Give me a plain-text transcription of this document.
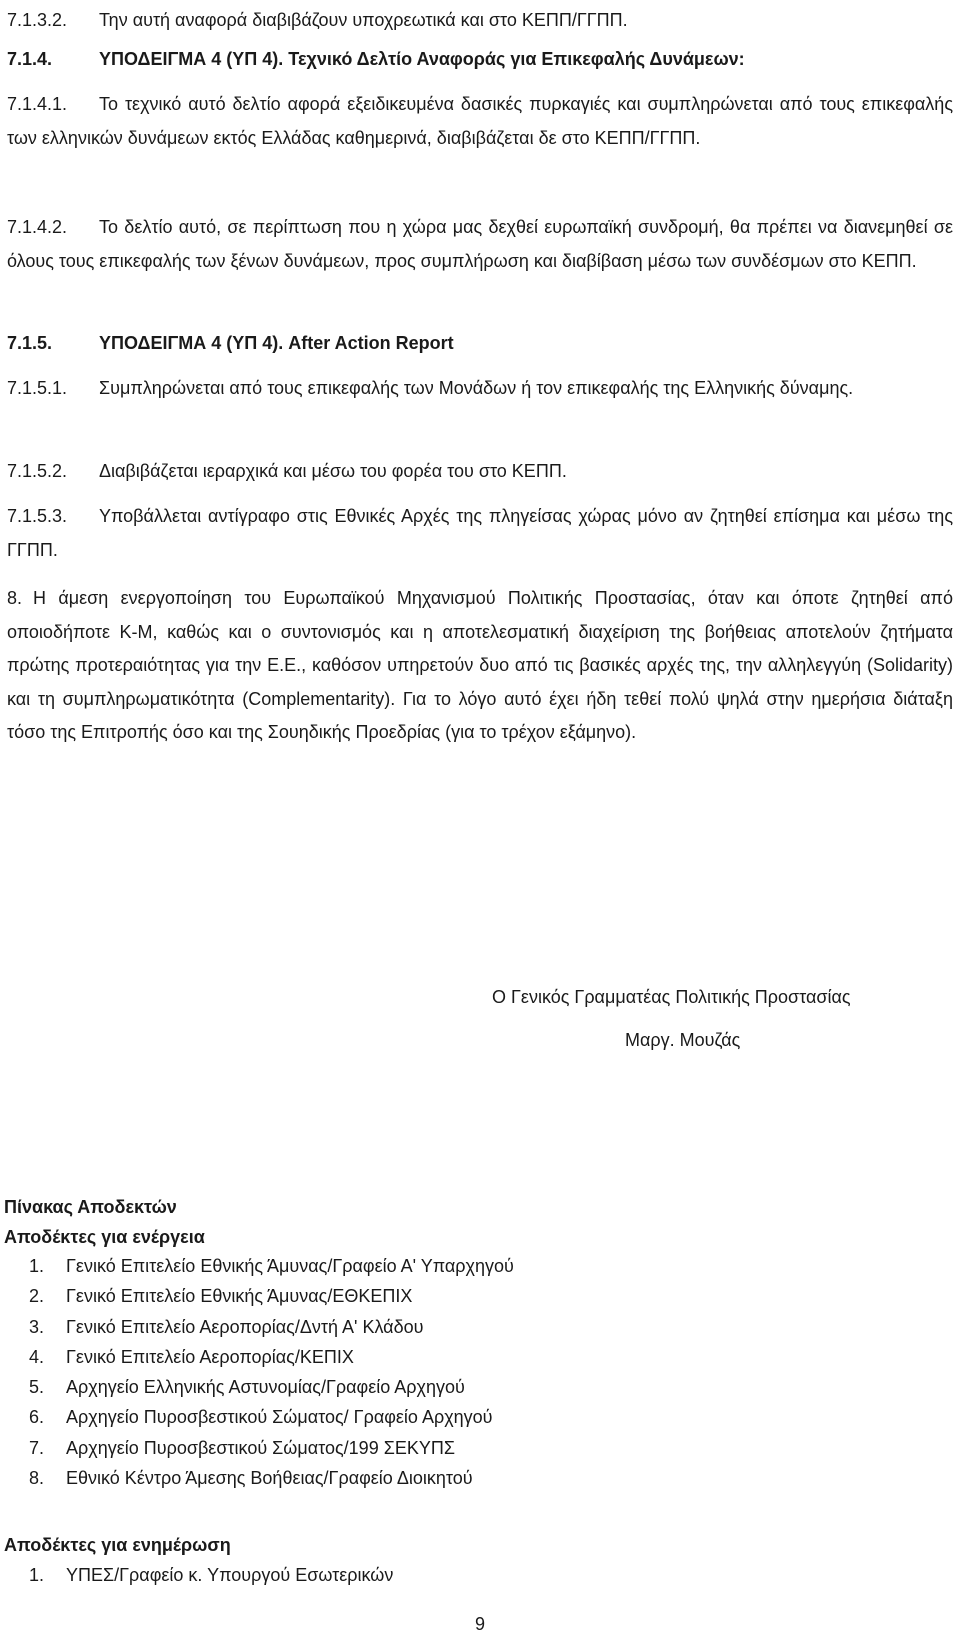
7.1.3.2. Την αυτή αναφορά διαβιβάζουν υποχρεωτικά και στο ΚΕΠΠ/ΓΓΠΠ.
7.1.4.	ΥΠΟΔΕΙΓΜΑ 4 (ΥΠ 4). Τεχνικό Δελτίο Αναφοράς για Επικεφαλής Δυνάμεων:
7.1.4.1. Το τεχνικό αυτό δελτίο αφορά εξειδικευμένα δασικές πυρκαγιές και συμπληρώνεται από τους επικεφαλής των ελληνικών δυνάμεων εκτός Ελλάδας καθημερινά, διαβιβάζεται δε στο ΚΕΠΠ/ΓΓΠΠ.
7.1.4.2. Το δελτίο αυτό, σε περίπτωση που η χώρα μας δεχθεί ευρωπαϊκή συνδρομή, θα πρέπει να διανεμηθεί σε όλους τους επικεφαλής των ξένων δυνάμεων, προς συμπλήρωση και διαβίβαση μέσω των συνδέσμων στο ΚΕΠΠ.
7.1.5.	ΥΠΟΔΕΙΓΜΑ 4 (ΥΠ 4). After Action Report
7.1.5.1. Συμπληρώνεται από τους επικεφαλής των Μονάδων ή τον επικεφαλής της Ελληνικής δύναμης.
7.1.5.2. Διαβιβάζεται ιεραρχικά και μέσω του φορέα του στο ΚΕΠΠ.
7.1.5.3. Υποβάλλεται αντίγραφο στις Εθνικές Αρχές της πληγείσας χώρας μόνο αν ζητηθεί επίσημα και μέσω της ΓΓΠΠ.
8. Η άμεση ενεργοποίηση του Ευρωπαϊκού Μηχανισμού Πολιτικής Προστασίας, όταν και όποτε ζητηθεί από οποιοδήποτε Κ-Μ, καθώς και ο συντονισμός και η αποτελεσματική διαχείριση της βοήθειας αποτελούν ζητήματα πρώτης προτεραιότητας για την Ε.Ε., καθόσον υπηρετούν δυο από τις βασικές αρχές της, την αλληλεγγύη (Solidarity) και τη συμπληρωματικότητα (Complementarity). Για το λόγο αυτό έχει ήδη τεθεί πολύ ψηλά στην ημερήσια διάταξη τόσο της Επιτροπής όσο και της Σουηδικής Προεδρίας (για το τρέχον εξάμηνο).
Ο Γενικός Γραμματέας Πολιτικής Προστασίας
Μαργ. Μουζάς
Πίνακας Αποδεκτών
Αποδέκτες για ενέργεια
1. Γενικό Επιτελείο Εθνικής Άμυνας/Γραφείο Α' Υπαρχηγού
2. Γενικό Επιτελείο Εθνικής Άμυνας/ΕΘΚΕΠΙΧ
3. Γενικό Επιτελείο Αεροπορίας/Δντή Α' Κλάδου
4. Γενικό Επιτελείο Αεροπορίας/ΚΕΠΙΧ
5. Αρχηγείο Ελληνικής Αστυνομίας/Γραφείο Αρχηγού
6. Αρχηγείο Πυροσβεστικού Σώματος/ Γραφείο Αρχηγού
7. Αρχηγείο Πυροσβεστικού Σώματος/199 ΣΕΚΥΠΣ
8. Εθνικό Κέντρο Άμεσης Βοήθειας/Γραφείο Διοικητού
Αποδέκτες για ενημέρωση
1. ΥΠΕΣ/Γραφείο κ. Υπουργού Εσωτερικών
9
